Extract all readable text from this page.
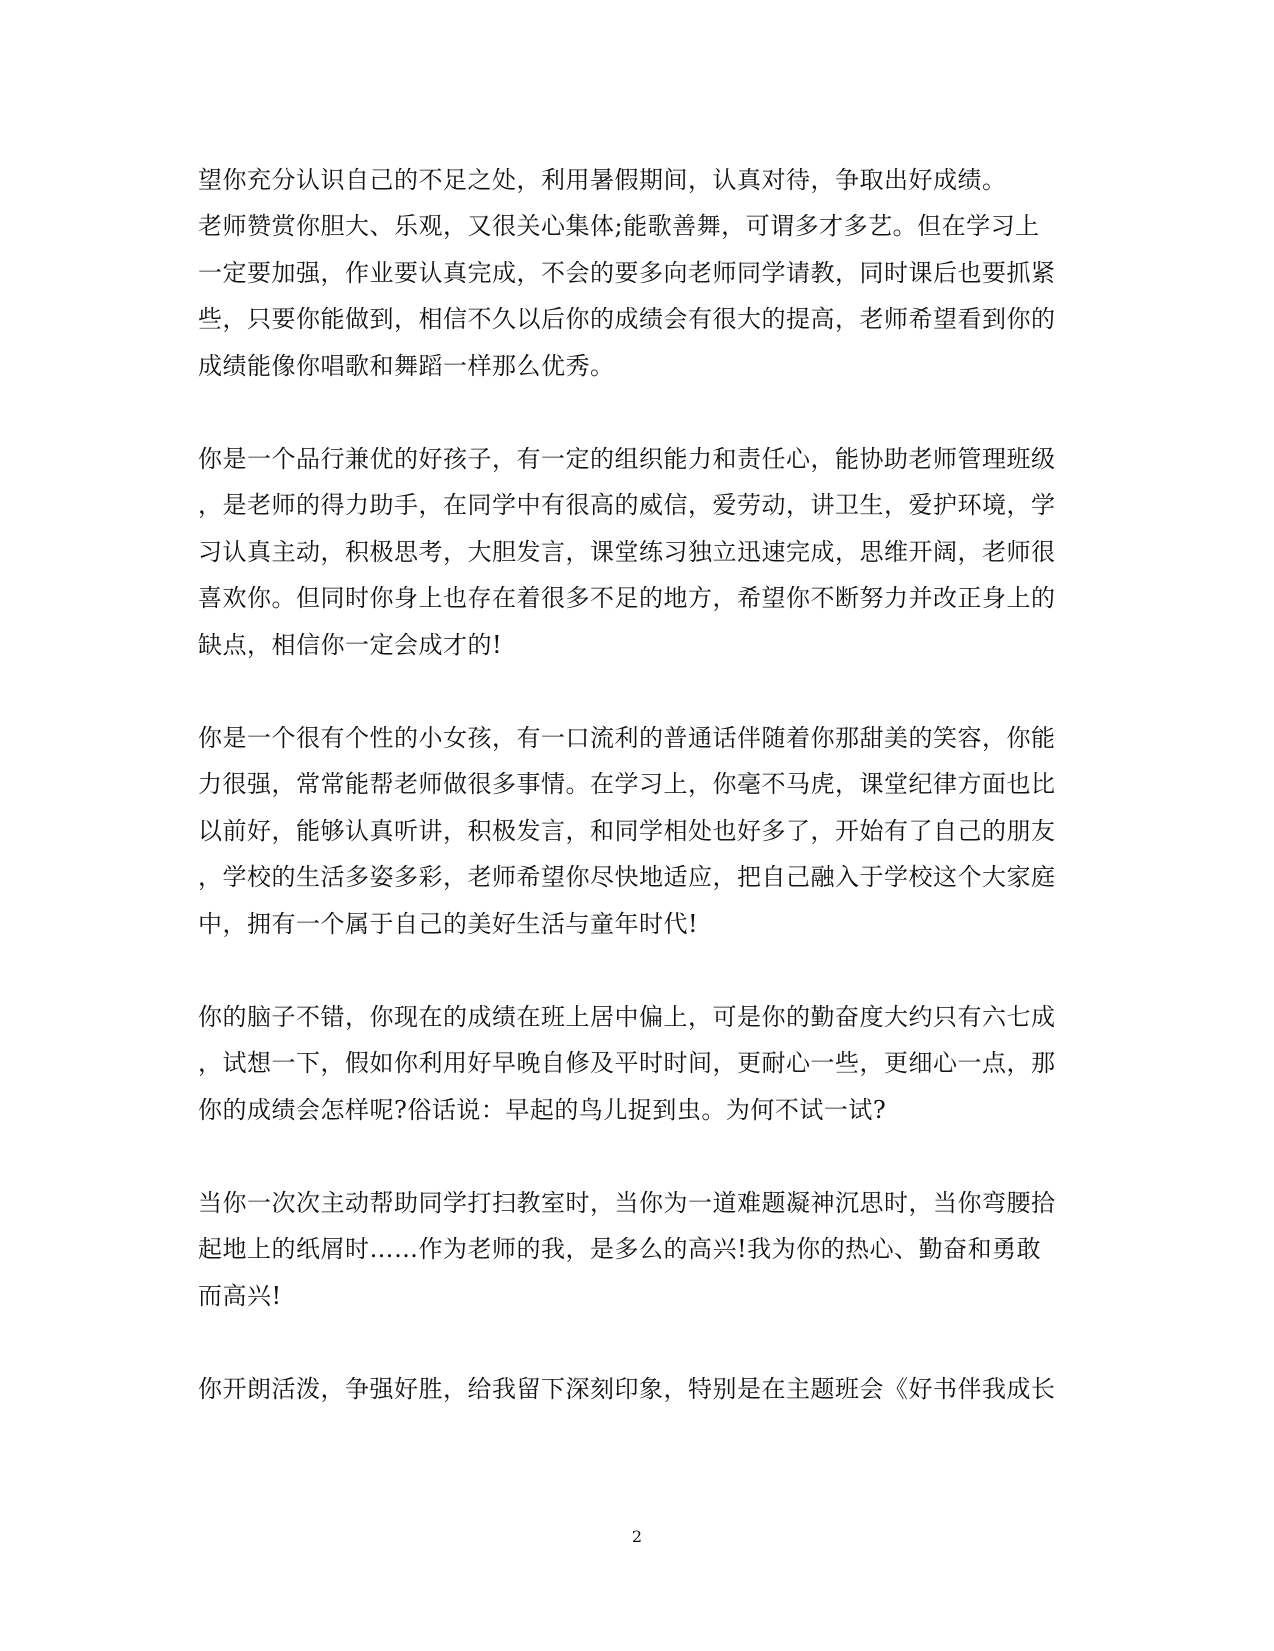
望你充分认识自己的不足之处，利用暑假期间，认真对待，争取出好成绩。
老师赞赏你胆大、乐观，又很关心集体;能歌善舞，可谓多才多艺。但在学习上
一定要加强，作业要认真完成，不会的要多向老师同学请教，同时课后也要抓紧
些，只要你能做到，相信不久以后你的成绩会有很大的提高，老师希望看到你的
成绩能像你唱歌和舞蹈一样那么优秀。
你是一个品行兼优的好孩子，有一定的组织能力和责任心，能协助老师管理班级
，是老师的得力助手，在同学中有很高的威信，爱劳动，讲卫生，爱护环境，学
习认真主动，积极思考，大胆发言，课堂练习独立迅速完成，思维开阔，老师很
喜欢你。但同时你身上也存在着很多不足的地方，希望你不断努力并改正身上的
缺点，相信你一定会成才的!
你是一个很有个性的小女孩，有一口流利的普通话伴随着你那甜美的笑容，你能
力很强，常常能帮老师做很多事情。在学习上，你毫不马虎，课堂纪律方面也比
以前好，能够认真听讲，积极发言，和同学相处也好多了，开始有了自己的朋友
，学校的生活多姿多彩，老师希望你尽快地适应，把自己融入于学校这个大家庭
中，拥有一个属于自己的美好生活与童年时代!
你的脑子不错，你现在的成绩在班上居中偏上，可是你的勤奋度大约只有六七成
，试想一下，假如你利用好早晚自修及平时时间，更耐心一些，更细心一点，那
你的成绩会怎样呢?俗话说：早起的鸟儿捉到虫。为何不试一试?
当你一次次主动帮助同学打扫教室时，当你为一道难题凝神沉思时，当你弯腰拾
起地上的纸屑时……作为老师的我，是多么的高兴!我为你的热心、勤奋和勇敢
而高兴!
你开朗活泼，争强好胜，给我留下深刻印象，特别是在主题班会《好书伴我成长
2
